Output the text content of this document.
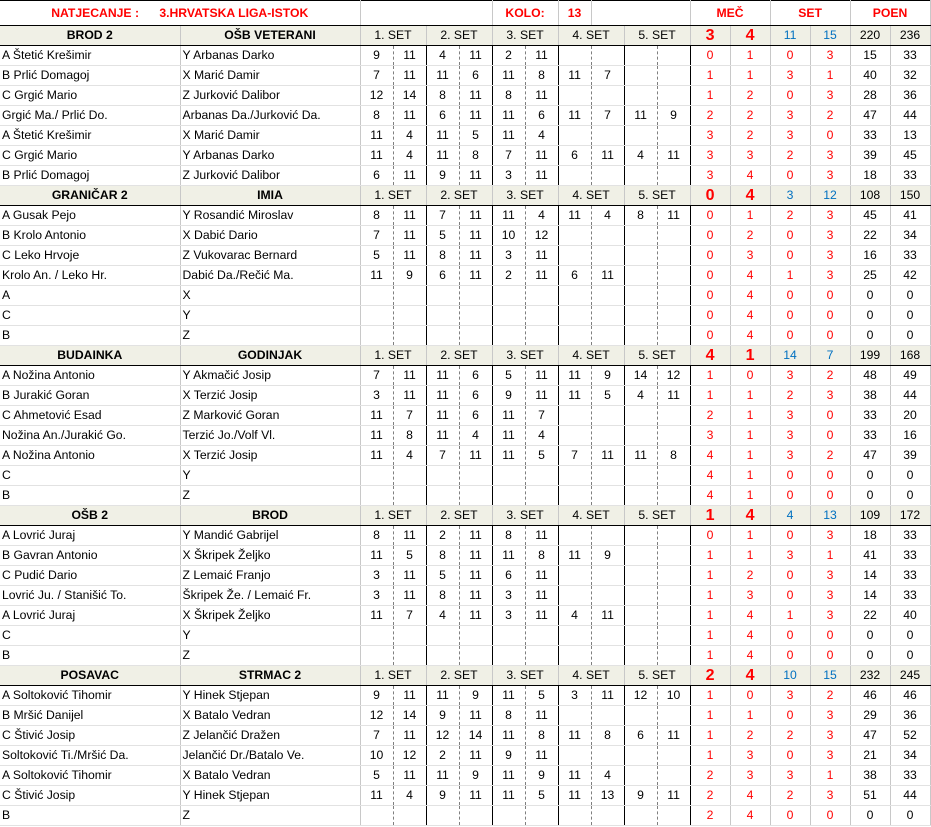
NATJECANJE : 3.HRVATSKA LIGA-ISTOK						KOLO:		13				MEČ		SET		POEN	
BROD 2	OŠB VETERANI	1. SET		2. SET		3. SET		4. SET		5. SET		3	4	11	15	220	236
A Štetić Krešimir	Y Arbanas Darko	9	11	4	11	2	11					0	1	0	3	15	33
B Prlić Domagoj	X Marić Damir	7	11	11	6	11	8	11	7			1	1	3	1	40	32
C Grgić Mario	Z Jurković Dalibor	12	14	8	11	8	11					1	2	0	3	28	36
Grgić Ma./ Prlić Do.	Arbanas Da./Jurković Da.	8	11	6	11	11	6	11	7	11	9	2	2	3	2	47	44
A Štetić Krešimir	X Marić Damir	11	4	11	5	11	4					3	2	3	0	33	13
C Grgić Mario	Y Arbanas Darko	11	4	11	8	7	11	6	11	4	11	3	3	2	3	39	45
B Prlić Domagoj	Z Jurković Dalibor	6	11	9	11	3	11					3	4	0	3	18	33
GRANIČAR 2	IMIA	1. SET		2. SET		3. SET		4. SET		5. SET		0	4	3	12	108	150
A Gusak Pejo	Y Rosandić Miroslav	8	11	7	11	11	4	11	4	8	11	0	1	2	3	45	41
B Krolo Antonio	X Dabić Dario	7	11	5	11	10	12					0	2	0	3	22	34
C Leko Hrvoje	Z Vukovarac Bernard	5	11	8	11	3	11					0	3	0	3	16	33
Krolo An. / Leko Hr.	Dabić Da./Rečić Ma.	11	9	6	11	2	11	6	11			0	4	1	3	25	42
A	X											0	4	0	0	0	0
C	Y											0	4	0	0	0	0
B	Z											0	4	0	0	0	0
BUDAINKA	GODINJAK	1. SET		2. SET		3. SET		4. SET		5. SET		4	1	14	7	199	168
A Nožina Antonio	Y Akmačić Josip	7	11	11	6	5	11	11	9	14	12	1	0	3	2	48	49
B Jurakić Goran	X Terzić Josip	3	11	11	6	9	11	11	5	4	11	1	1	2	3	38	44
C Ahmetović Esad	Z Marković Goran	11	7	11	6	11	7					2	1	3	0	33	20
Nožina An./Jurakić Go.	Terzić Jo./Volf Vl.	11	8	11	4	11	4					3	1	3	0	33	16
A Nožina Antonio	X Terzić Josip	11	4	7	11	11	5	7	11	11	8	4	1	3	2	47	39
C	Y											4	1	0	0	0	0
B	Z											4	1	0	0	0	0
OŠB 2	BROD	1. SET		2. SET		3. SET		4. SET		5. SET		1	4	4	13	109	172
A Lovrić Juraj	Y Mandić Gabrijel	8	11	2	11	8	11					0	1	0	3	18	33
B Gavran Antonio	X Škripek Željko	11	5	8	11	11	8	11	9			1	1	3	1	41	33
C Pudić Dario	Z Lemaić Franjo	3	11	5	11	6	11					1	2	0	3	14	33
Lovrić Ju. / Stanišić To.	Škripek Že. / Lemaić Fr.	3	11	8	11	3	11					1	3	0	3	14	33
A Lovrić Juraj	X Škripek Željko	11	7	4	11	3	11	4	11			1	4	1	3	22	40
C	Y											1	4	0	0	0	0
B	Z											1	4	0	0	0	0
POSAVAC	STRMAC 2	1. SET		2. SET		3. SET		4. SET		5. SET		2	4	10	15	232	245
A Soltoković Tihomir	Y Hinek Stjepan	9	11	11	9	11	5	3	11	12	10	1	0	3	2	46	46
B Mršić Danijel	X Batalo Vedran	12	14	9	11	8	11					1	1	0	3	29	36
C Štivić Josip	Z Jelančić Dražen	7	11	12	14	11	8	11	8	6	11	1	2	2	3	47	52
Soltoković Ti./Mršić Da.	Jelančić Dr./Batalo Ve.	10	12	2	11	9	11					1	3	0	3	21	34
A Soltoković Tihomir	X Batalo Vedran	5	11	11	9	11	9	11	4			2	3	3	1	38	33
C Štivić Josip	Y Hinek Stjepan	11	4	9	11	11	5	11	13	9	11	2	4	2	3	51	44
B	Z											2	4	0	0	0	0
